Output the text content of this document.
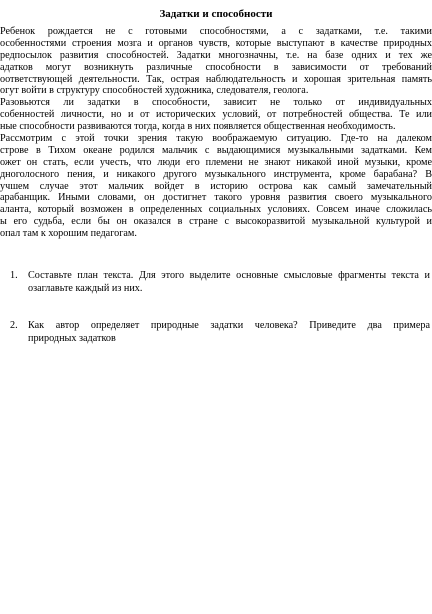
Задатки и способности
Ребенок рождается не с готовыми способностями, а с задатками, т.е. такими
особенностями строения мозга и органов чувств, которые выступают в качестве природных
редпосылок развития способностей. Задатки многозначны, т.е. на базе одних и тех же
адатков могут возникнуть различные способности в зависимости от требований
оответствующей деятельности. Так, острая наблюдательность и хорошая зрительная память
огут войти в структуру способностей художника, следователя, геолога.
Разовьются ли задатки в способности, зависит не только от индивидуальных
собенностей личности, но и от исторических условий, от потребностей общества. Те или
ные способности развиваются тогда, когда в них появляется общественная необходимость.
Рассмотрим с этой точки зрения такую воображаемую ситуацию. Где-то на далеком
строве в Тихом океане родился мальчик с выдающимися музыкальными задатками. Кем
ожет он стать, если учесть, что люди его племени не знают никакой иной музыки, кроме
дноголосного пения, и никакого другого музыкального инструмента, кроме барабана? В
учшем случае этот мальчик войдет в историю острова как самый замечательный
арабанщик. Иными словами, он достигнет такого уровня развития своего музыкального
аланта, который возможен в определенных социальных условиях. Совсем иначе сложилась
ы его судьба, если бы он оказался в стране с высокоразвитой музыкальной культурой и
опал там к хорошим педагогам.
1. Составьте план текста. Для этого выделите основные смысловые фрагменты текста и
озаглавьте каждый из них.
2. Как автор определяет природные задатки человека? Приведите два примера
природных задатков
